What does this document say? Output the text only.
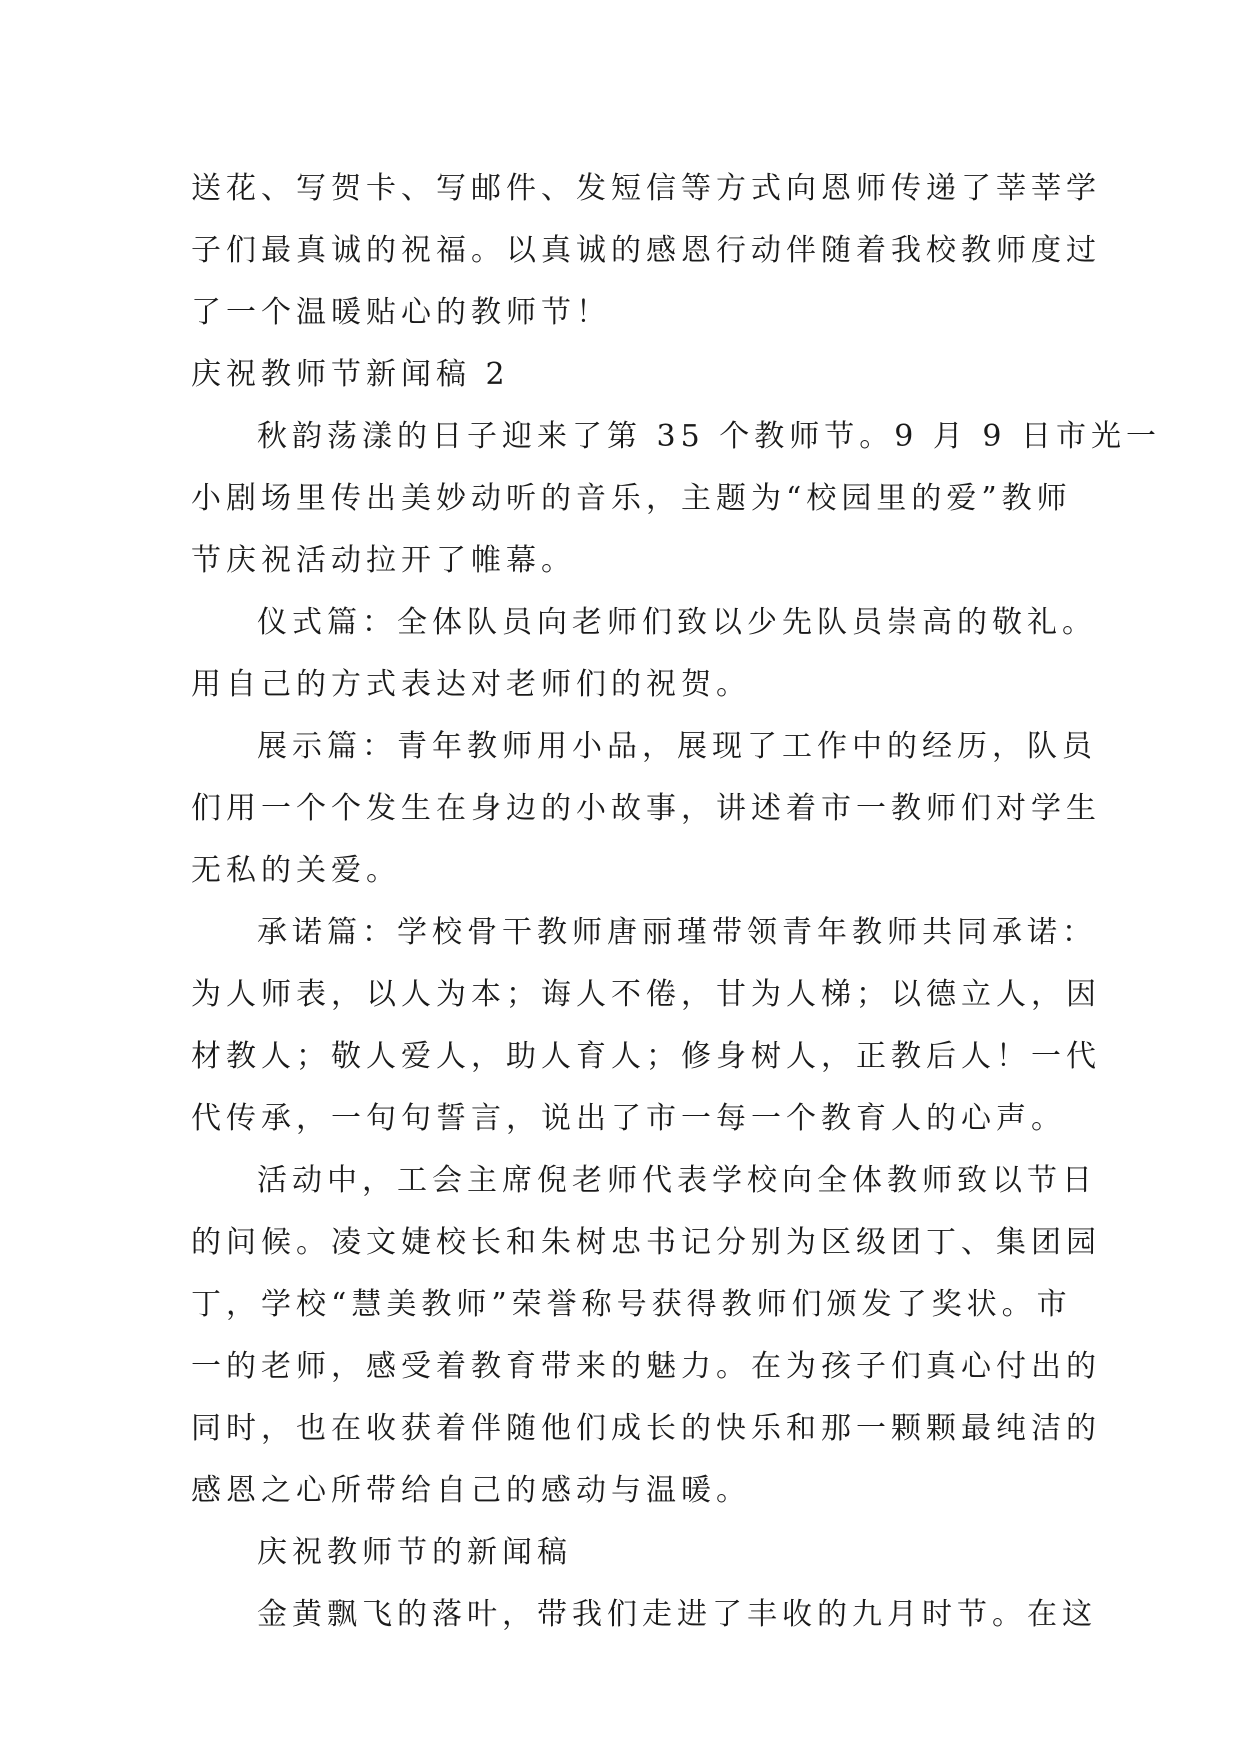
送花、写贺卡、写邮件、发短信等方式向恩师传递了莘莘学
子们最真诚的祝福。以真诚的感恩行动伴随着我校教师度过
了一个温暖贴心的教师节！
庆祝教师节新闻稿 2
秋韵荡漾的日子迎来了第 35 个教师节。9 月 9 日市光一
小剧场里传出美妙动听的音乐，主题为“校园里的爱”教师
节庆祝活动拉开了帷幕。
仪式篇：全体队员向老师们致以少先队员崇高的敬礼。
用自己的方式表达对老师们的祝贺。
展示篇：青年教师用小品，展现了工作中的经历，队员
们用一个个发生在身边的小故事，讲述着市一教师们对学生
无私的关爱。
承诺篇：学校骨干教师唐丽瑾带领青年教师共同承诺：
为人师表，以人为本；诲人不倦，甘为人梯；以德立人，因
材教人；敬人爱人，助人育人；修身树人，正教后人！一代
代传承，一句句誓言，说出了市一每一个教育人的心声。
活动中，工会主席倪老师代表学校向全体教师致以节日
的问候。凌文婕校长和朱树忠书记分别为区级团丁、集团园
丁，学校“慧美教师”荣誉称号获得教师们颁发了奖状。市
一的老师，感受着教育带来的魅力。在为孩子们真心付出的
同时，也在收获着伴随他们成长的快乐和那一颗颗最纯洁的
感恩之心所带给自己的感动与温暖。
庆祝教师节的新闻稿
金黄飘飞的落叶，带我们走进了丰收的九月时节。在这
